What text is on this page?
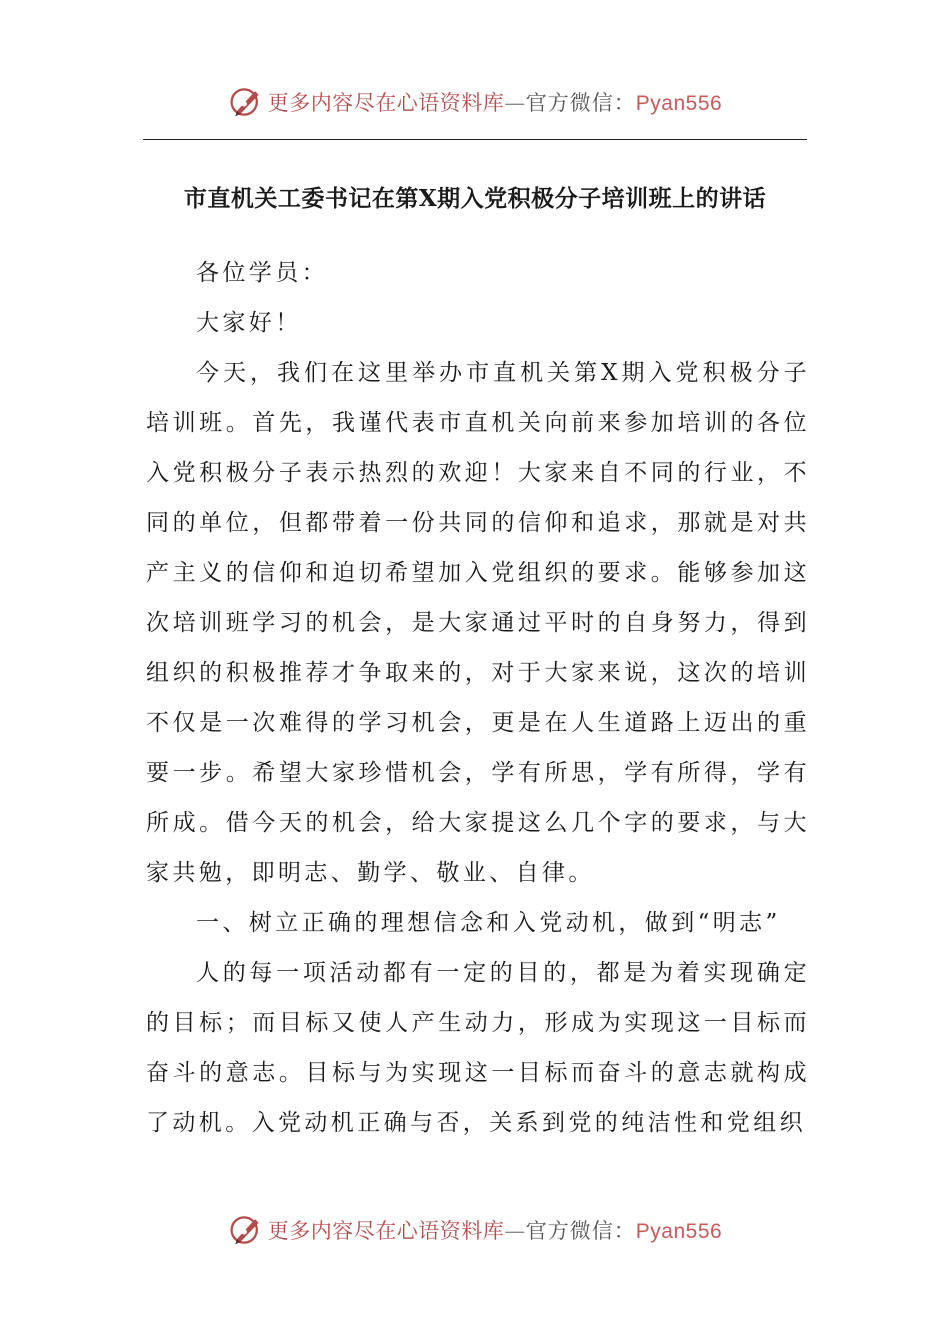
更多内容尽在心语资料库—官方微信：Pyan556
市直机关工委书记在第X期入党积极分子培训班上的讲话

各位学员：

大家好！

今天，我们在这里举办市直机关第X期入党积极分子培训班。首先，我谨代表市直机关向前来参加培训的各位入党积极分子表示热烈的欢迎！大家来自不同的行业，不同的单位，但都带着一份共同的信仰和追求，那就是对共产主义的信仰和迫切希望加入党组织的要求。能够参加这次培训班学习的机会，是大家通过平时的自身努力，得到组织的积极推荐才争取来的，对于大家来说，这次的培训不仅是一次难得的学习机会，更是在人生道路上迈出的重要一步。希望大家珍惜机会，学有所思，学有所得，学有所成。借今天的机会，给大家提这么几个字的要求，与大家共勉，即明志、勤学、敬业、自律。

一、树立正确的理想信念和入党动机，做到“明志”

人的每一项活动都有一定的目的，都是为着实现确定的目标；而目标又使人产生动力，形成为实现这一目标而奋斗的意志。目标与为实现这一目标而奋斗的意志就构成了动机。入党动机正确与否，关系到党的纯洁性和党组织

更多内容尽在心语资料库—官方微信：Pyan556
